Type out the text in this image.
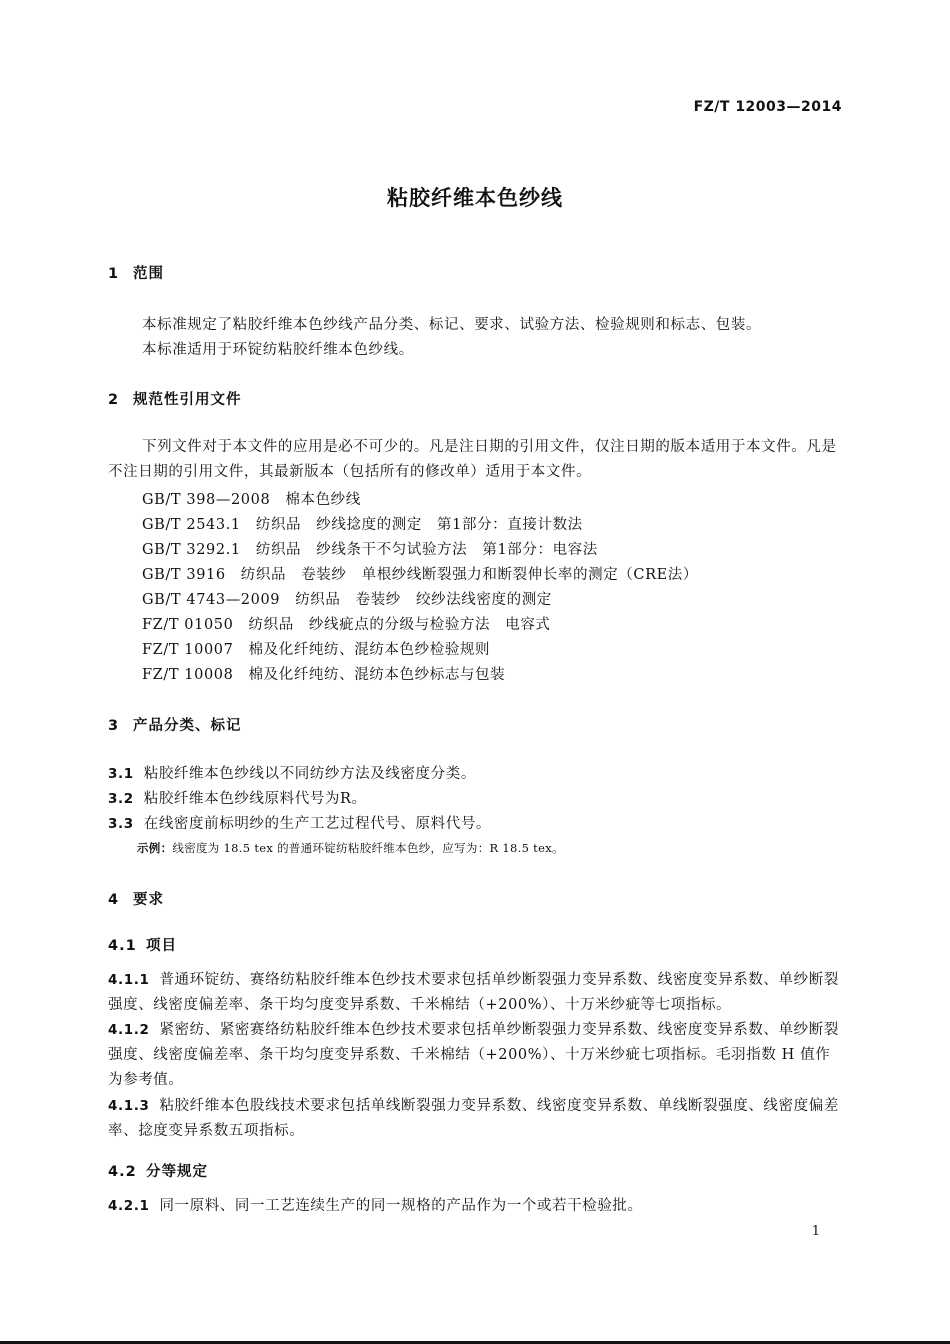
FZ/T 12003—2014
粘胶纤维本色纱线
1 范围
本标准规定了粘胶纤维本色纱线产品分类、标记、要求、试验方法、检验规则和标志、包装。
本标准适用于环锭纺粘胶纤维本色纱线。
2 规范性引用文件
下列文件对于本文件的应用是必不可少的。凡是注日期的引用文件，仅注日期的版本适用于本文件。凡是不注日期的引用文件，其最新版本（包括所有的修改单）适用于本文件。
GB/T 398—2008　棉本色纱线
GB/T 2543.1　纺织品　纱线捻度的测定　第1部分：直接计数法
GB/T 3292.1　纺织品　纱线条干不匀试验方法　第1部分：电容法
GB/T 3916　纺织品　卷装纱　单根纱线断裂强力和断裂伸长率的测定（CRE法）
GB/T 4743—2009　纺织品　卷装纱　绞纱法线密度的测定
FZ/T 01050　纺织品　纱线疵点的分级与检验方法　电容式
FZ/T 10007　棉及化纤纯纺、混纺本色纱检验规则
FZ/T 10008　棉及化纤纯纺、混纺本色纱标志与包装
3 产品分类、标记
3.1 粘胶纤维本色纱线以不同纺纱方法及线密度分类。
3.2 粘胶纤维本色纱线原料代号为R。
3.3 在线密度前标明纱的生产工艺过程代号、原料代号。
示例：线密度为 18.5 tex 的普通环锭纺粘胶纤维本色纱，应写为：R 18.5 tex。
4 要求
4.1 项目
4.1.1 普通环锭纺、赛络纺粘胶纤维本色纱技术要求包括单纱断裂强力变异系数、线密度变异系数、单纱断裂强度、线密度偏差率、条干均匀度变异系数、千米棉结（+200%）、十万米纱疵等七项指标。
4.1.2 紧密纺、紧密赛络纺粘胶纤维本色纱技术要求包括单纱断裂强力变异系数、线密度变异系数、单纱断裂强度、线密度偏差率、条干均匀度变异系数、千米棉结（+200%）、十万米纱疵七项指标。毛羽指数 H 值作为参考值。
4.1.3 粘胶纤维本色股线技术要求包括单线断裂强力变异系数、线密度变异系数、单线断裂强度、线密度偏差率、捻度变异系数五项指标。
4.2 分等规定
4.2.1 同一原料、同一工艺连续生产的同一规格的产品作为一个或若干检验批。
1
